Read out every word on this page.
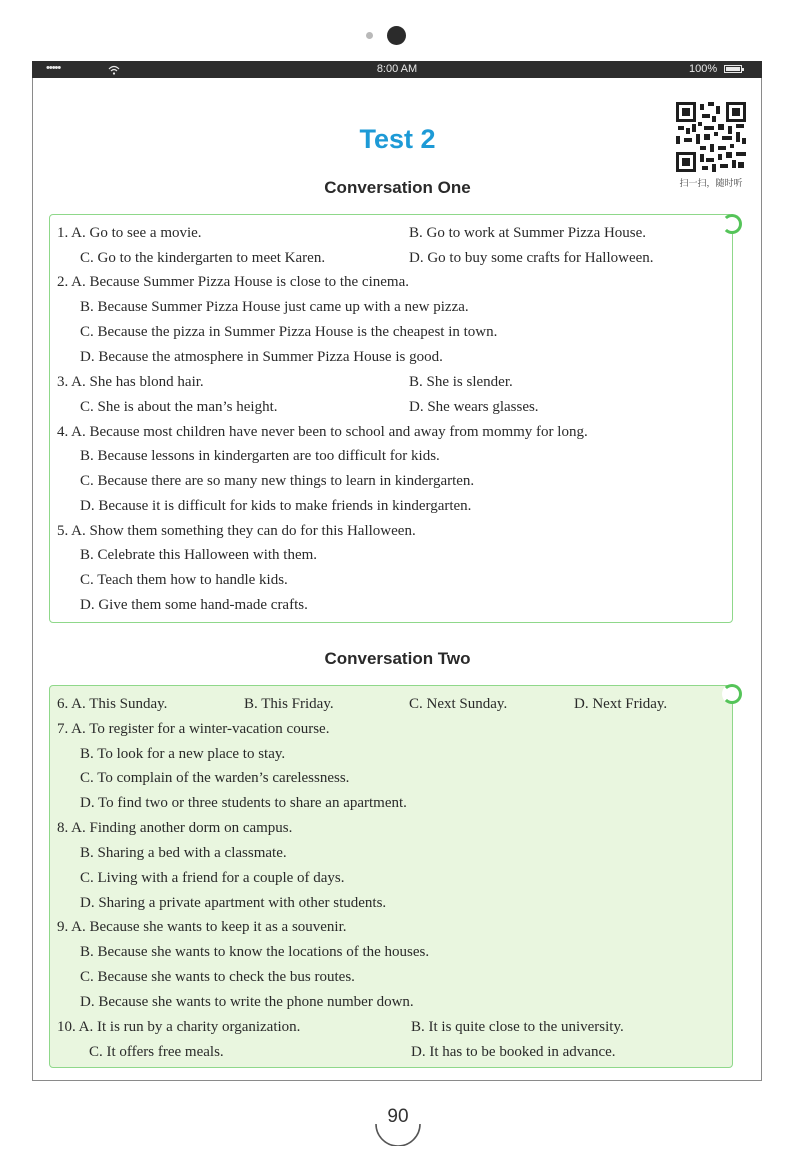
•••••	8:00 AM	100%
Test 2
扫一扫，随时听
Conversation One
1. A. Go to see a movie.	B. Go to work at Summer Pizza House.
C. Go to the kindergarten to meet Karen.	D. Go to buy some crafts for Halloween.
2. A. Because Summer Pizza House is close to the cinema.
B. Because Summer Pizza House just came up with a new pizza.
C. Because the pizza in Summer Pizza House is the cheapest in town.
D. Because the atmosphere in Summer Pizza House is good.
3. A. She has blond hair.	B. She is slender.
C. She is about the man’s height.	D. She wears glasses.
4. A. Because most children have never been to school and away from mommy for long.
B. Because lessons in kindergarten are too difficult for kids.
C. Because there are so many new things to learn in kindergarten.
D. Because it is difficult for kids to make friends in kindergarten.
5. A. Show them something they can do for this Halloween.
B. Celebrate this Halloween with them.
C. Teach them how to handle kids.
D. Give them some hand-made crafts.
Conversation Two
6. A. This Sunday.	B. This Friday.	C. Next Sunday.	D. Next Friday.
7. A. To register for a winter-vacation course.
B. To look for a new place to stay.
C. To complain of the warden’s carelessness.
D. To find two or three students to share an apartment.
8. A. Finding another dorm on campus.
B. Sharing a bed with a classmate.
C. Living with a friend for a couple of days.
D. Sharing a private apartment with other students.
9. A. Because she wants to keep it as a souvenir.
B. Because she wants to know the locations of the houses.
C. Because she wants to check the bus routes.
D. Because she wants to write the phone number down.
10. A. It is run by a charity organization.	B. It is quite close to the university.
C. It offers free meals.	D. It has to be booked in advance.
90
